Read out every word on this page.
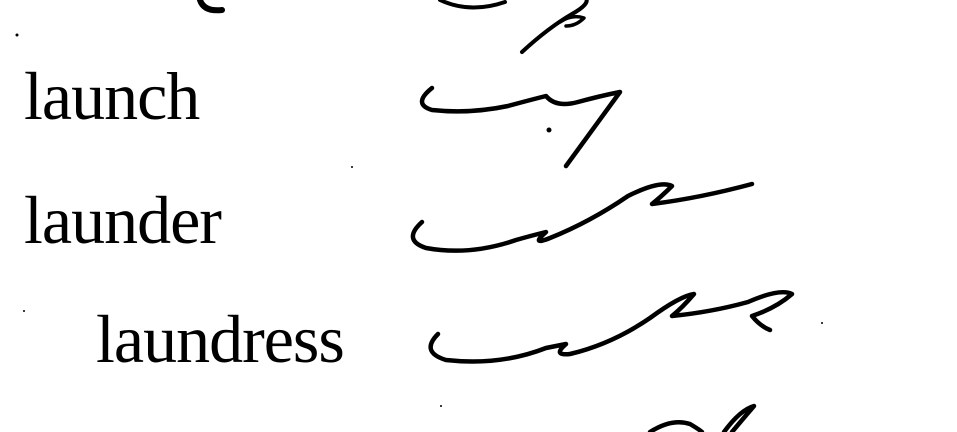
launch
launder
laundress
